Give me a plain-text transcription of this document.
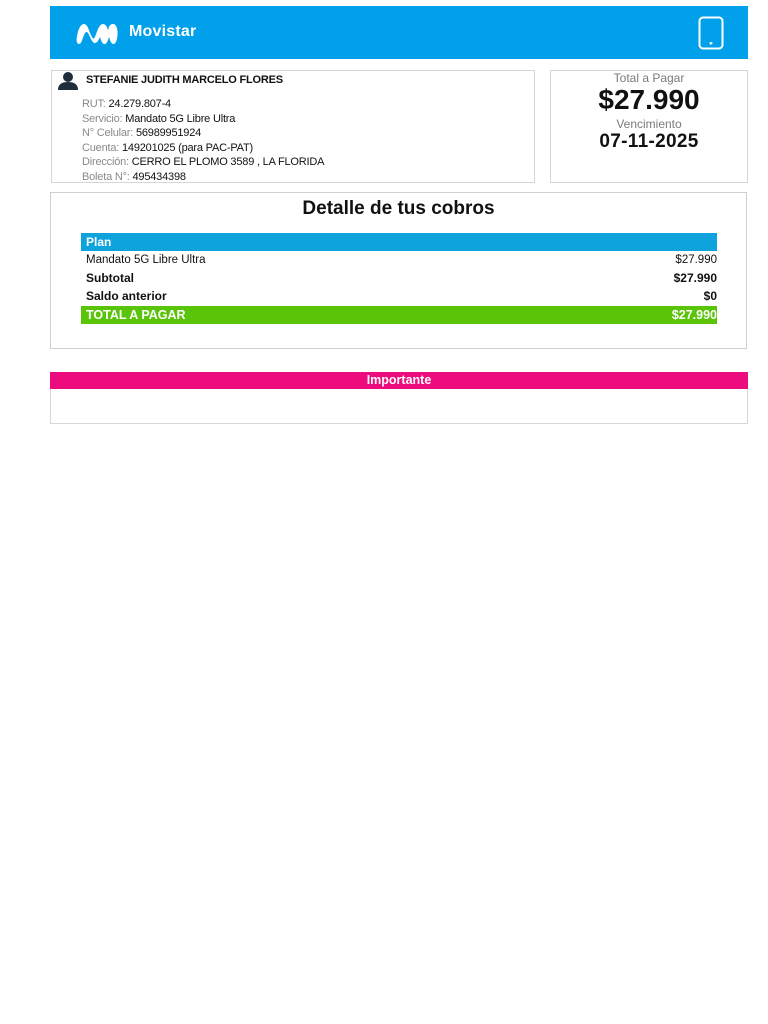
Movistar
STEFANIE JUDITH MARCELO FLORES
RUT: 24.279.807-4
Servicio: Mandato 5G Libre Ultra
N° Celular: 56989951924
Cuenta: 149201025 (para PAC-PAT)
Dirección: CERRO EL PLOMO 3589 , LA FLORIDA
Boleta N°: 495434398
Total a Pagar
$27.990
Vencimiento
07-11-2025
Detalle de tus cobros
Plan
Mandato 5G Libre Ultra	$27.990
Subtotal	$27.990
Saldo anterior	$0
TOTAL A PAGAR	$27.990
Importante
